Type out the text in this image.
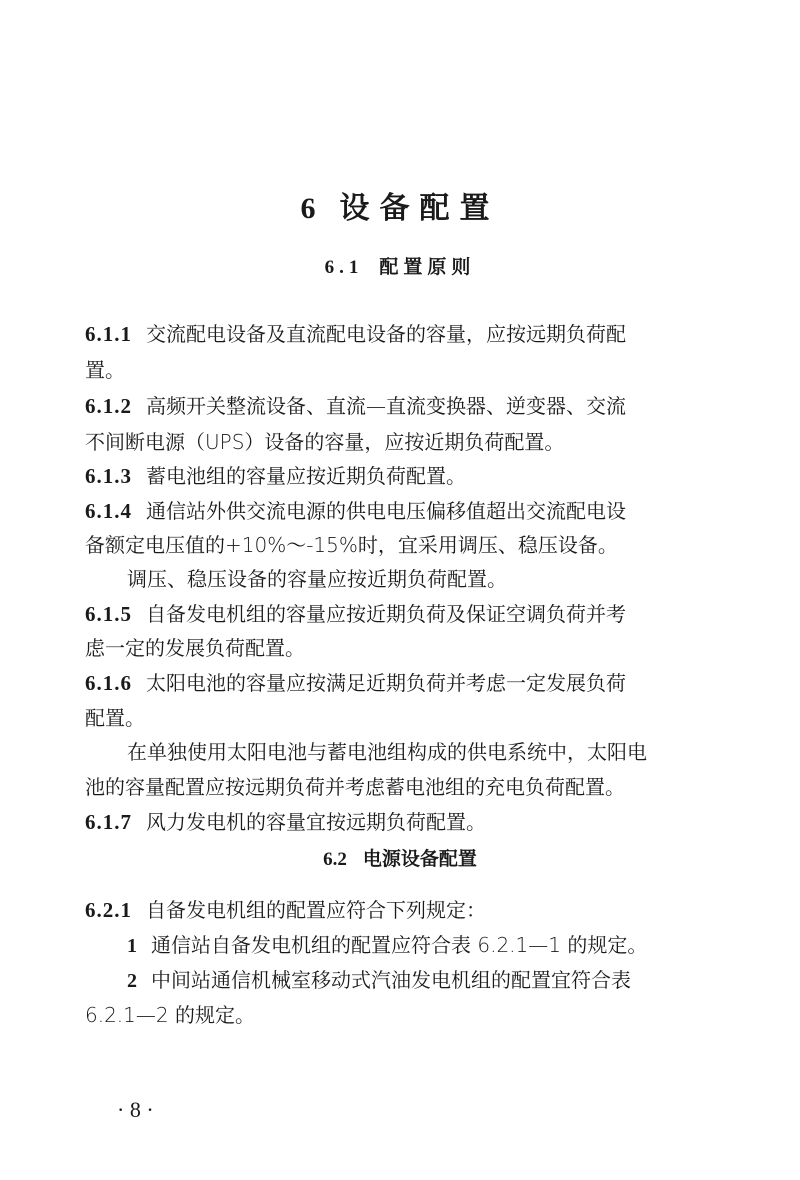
6 设备配置
6.1 配置原则
6.1.1 交流配电设备及直流配电设备的容量，应按远期负荷配
置。
6.1.2 高频开关整流设备、直流—直流变换器、逆变器、交流
不间断电源（UPS）设备的容量，应按近期负荷配置。
6.1.3 蓄电池组的容量应按近期负荷配置。
6.1.4 通信站外供交流电源的供电电压偏移值超出交流配电设
备额定电压值的+10%～-15%时，宜采用调压、稳压设备。
调压、稳压设备的容量应按近期负荷配置。
6.1.5 自备发电机组的容量应按近期负荷及保证空调负荷并考
虑一定的发展负荷配置。
6.1.6 太阳电池的容量应按满足近期负荷并考虑一定发展负荷
配置。
在单独使用太阳电池与蓄电池组构成的供电系统中，太阳电
池的容量配置应按远期负荷并考虑蓄电池组的充电负荷配置。
6.1.7 风力发电机的容量宜按远期负荷配置。
6.2 电源设备配置
6.2.1 自备发电机组的配置应符合下列规定：
1 通信站自备发电机组的配置应符合表 6.2.1—1 的规定。
2 中间站通信机械室移动式汽油发电机组的配置宜符合表
6.2.1—2 的规定。
· 8 ·
